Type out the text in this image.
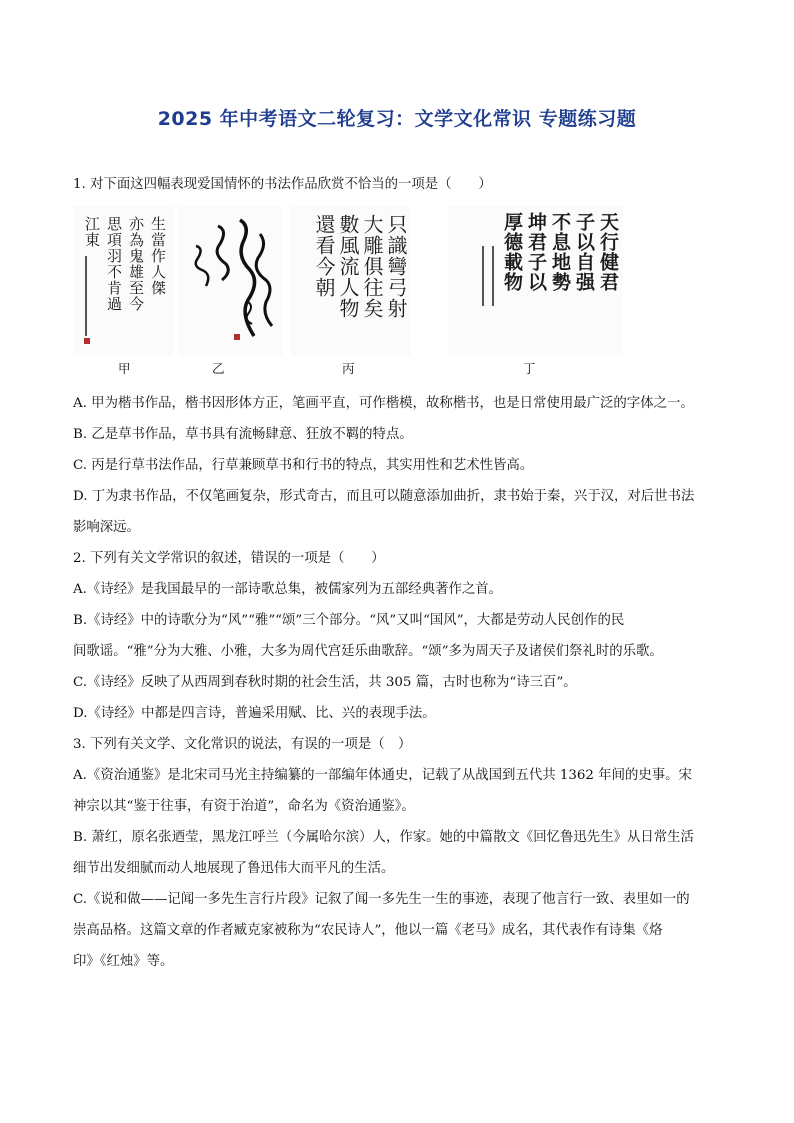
2025 年中考语文二轮复习：文学文化常识 专题练习题
1. 对下面这四幅表现爱国情怀的书法作品欣赏不恰当的一项是（　　）
生當作人傑
亦為鬼雄至今
思項羽不肯過
江東	只識彎弓射
大雕俱往矣
數風流人物
還看今朝	天行健君
子以自强
不息地勢
坤君子以
厚德載物
甲	乙	丙	丁
A. 甲为楷书作品，楷书因形体方正，笔画平直，可作楷模，故称楷书，也是日常使用最广泛的字体之一。
B. 乙是草书作品，草书具有流畅肆意、狂放不羁的特点。
C. 丙是行草书法作品，行草兼顾草书和行书的特点，其实用性和艺术性皆高。
D. 丁为隶书作品，不仅笔画复杂，形式奇古，而且可以随意添加曲折，隶书始于秦，兴于汉，对后世书法
影响深远。
2. 下列有关文学常识的叙述，错误的一项是（　　）
A.《诗经》是我国最早的一部诗歌总集，被儒家列为五部经典著作之首。
B.《诗经》中的诗歌分为“风”“雅”“颂”三个部分。“风”又叫“国风”，大都是劳动人民创作的民
间歌谣。“雅”分为大雅、小雅，大多为周代宫廷乐曲歌辞。“颂”多为周天子及诸侯们祭礼时的乐歌。
C.《诗经》反映了从西周到春秋时期的社会生活，共 305 篇，古时也称为“诗三百”。
D.《诗经》中都是四言诗，普遍采用赋、比、兴的表现手法。
3. 下列有关文学、文化常识的说法，有误的一项是（　）
A.《资治通鉴》是北宋司马光主持编纂的一部编年体通史，记载了从战国到五代共 1362 年间的史事。宋
神宗以其“鉴于往事，有资于治道”，命名为《资治通鉴》。
B. 萧红，原名张迺莹，黑龙江呼兰（今属哈尔滨）人，作家。她的中篇散文《回忆鲁迅先生》从日常生活
细节出发细腻而动人地展现了鲁迅伟大而平凡的生活。
C.《说和做——记闻一多先生言行片段》记叙了闻一多先生一生的事迹，表现了他言行一致、表里如一的
崇高品格。这篇文章的作者臧克家被称为“农民诗人”，他以一篇《老马》成名，其代表作有诗集《烙
印》《红烛》等。
